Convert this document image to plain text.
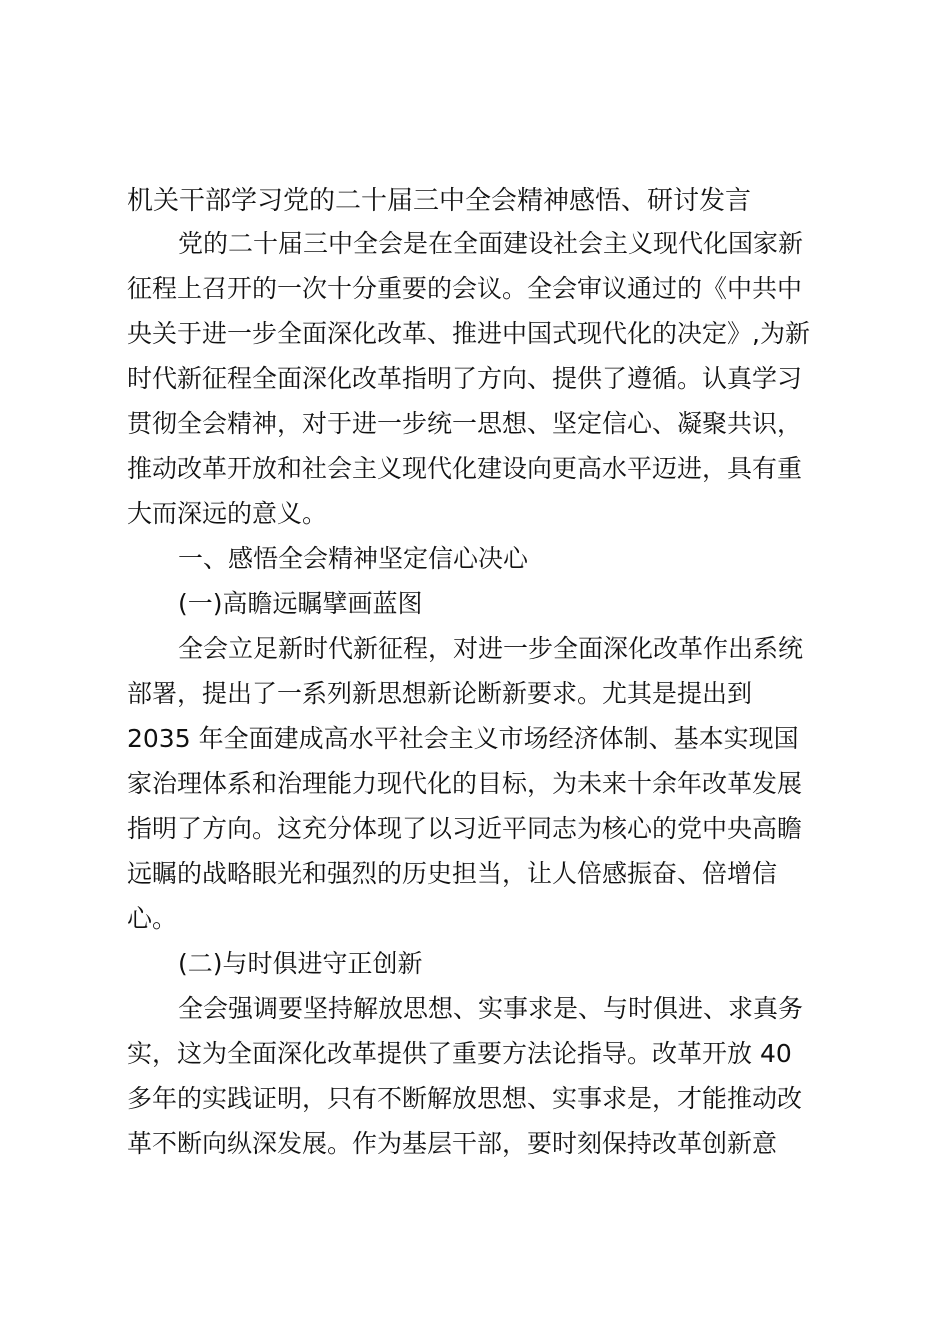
机关干部学习党的二十届三中全会精神感悟、研讨发言
党的二十届三中全会是在全面建设社会主义现代化国家新
征程上召开的一次十分重要的会议。全会审议通过的《中共中
央关于进一步全面深化改革、推进中国式现代化的决定》,为新
时代新征程全面深化改革指明了方向、提供了遵循。认真学习
贯彻全会精神，对于进一步统一思想、坚定信心、凝聚共识，
推动改革开放和社会主义现代化建设向更高水平迈进，具有重
大而深远的意义。
一、感悟全会精神坚定信心决心
(一)高瞻远瞩擘画蓝图
全会立足新时代新征程，对进一步全面深化改革作出系统
部署，提出了一系列新思想新论断新要求。尤其是提出到
2035 年全面建成高水平社会主义市场经济体制、基本实现国
家治理体系和治理能力现代化的目标，为未来十余年改革发展
指明了方向。这充分体现了以习近平同志为核心的党中央高瞻
远瞩的战略眼光和强烈的历史担当，让人倍感振奋、倍增信
心。
(二)与时俱进守正创新
全会强调要坚持解放思想、实事求是、与时俱进、求真务
实，这为全面深化改革提供了重要方法论指导。改革开放 40
多年的实践证明，只有不断解放思想、实事求是，才能推动改
革不断向纵深发展。作为基层干部，要时刻保持改革创新意
